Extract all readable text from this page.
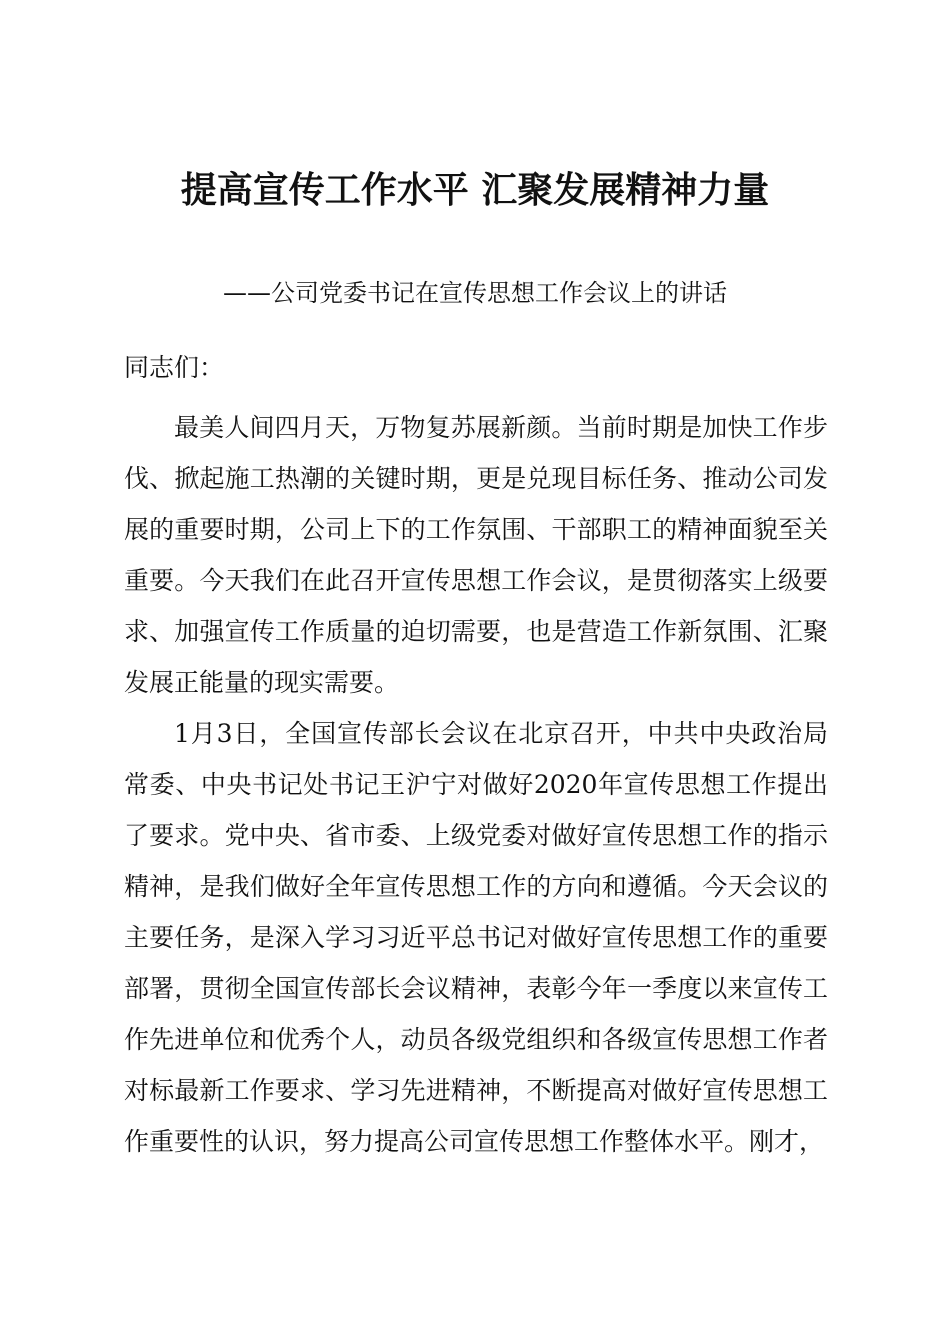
提高宣传工作水平 汇聚发展精神力量
——公司党委书记在宣传思想工作会议上的讲话
同志们：

最美人间四月天，万物复苏展新颜。当前时期是加快工作步伐、掀起施工热潮的关键时期，更是兑现目标任务、推动公司发展的重要时期，公司上下的工作氛围、干部职工的精神面貌至关重要。今天我们在此召开宣传思想工作会议，是贯彻落实上级要求、加强宣传工作质量的迫切需要，也是营造工作新氛围、汇聚发展正能量的现实需要。

1月3日，全国宣传部长会议在北京召开，中共中央政治局常委、中央书记处书记王沪宁对做好2020年宣传思想工作提出了要求。党中央、省市委、上级党委对做好宣传思想工作的指示精神，是我们做好全年宣传思想工作的方向和遵循。今天会议的主要任务，是深入学习习近平总书记对做好宣传思想工作的重要部署，贯彻全国宣传部长会议精神，表彰今年一季度以来宣传工作先进单位和优秀个人，动员各级党组织和各级宣传思想工作者对标最新工作要求、学习先进精神，不断提高对做好宣传思想工作重要性的认识，努力提高公司宣传思想工作整体水平。刚才，
